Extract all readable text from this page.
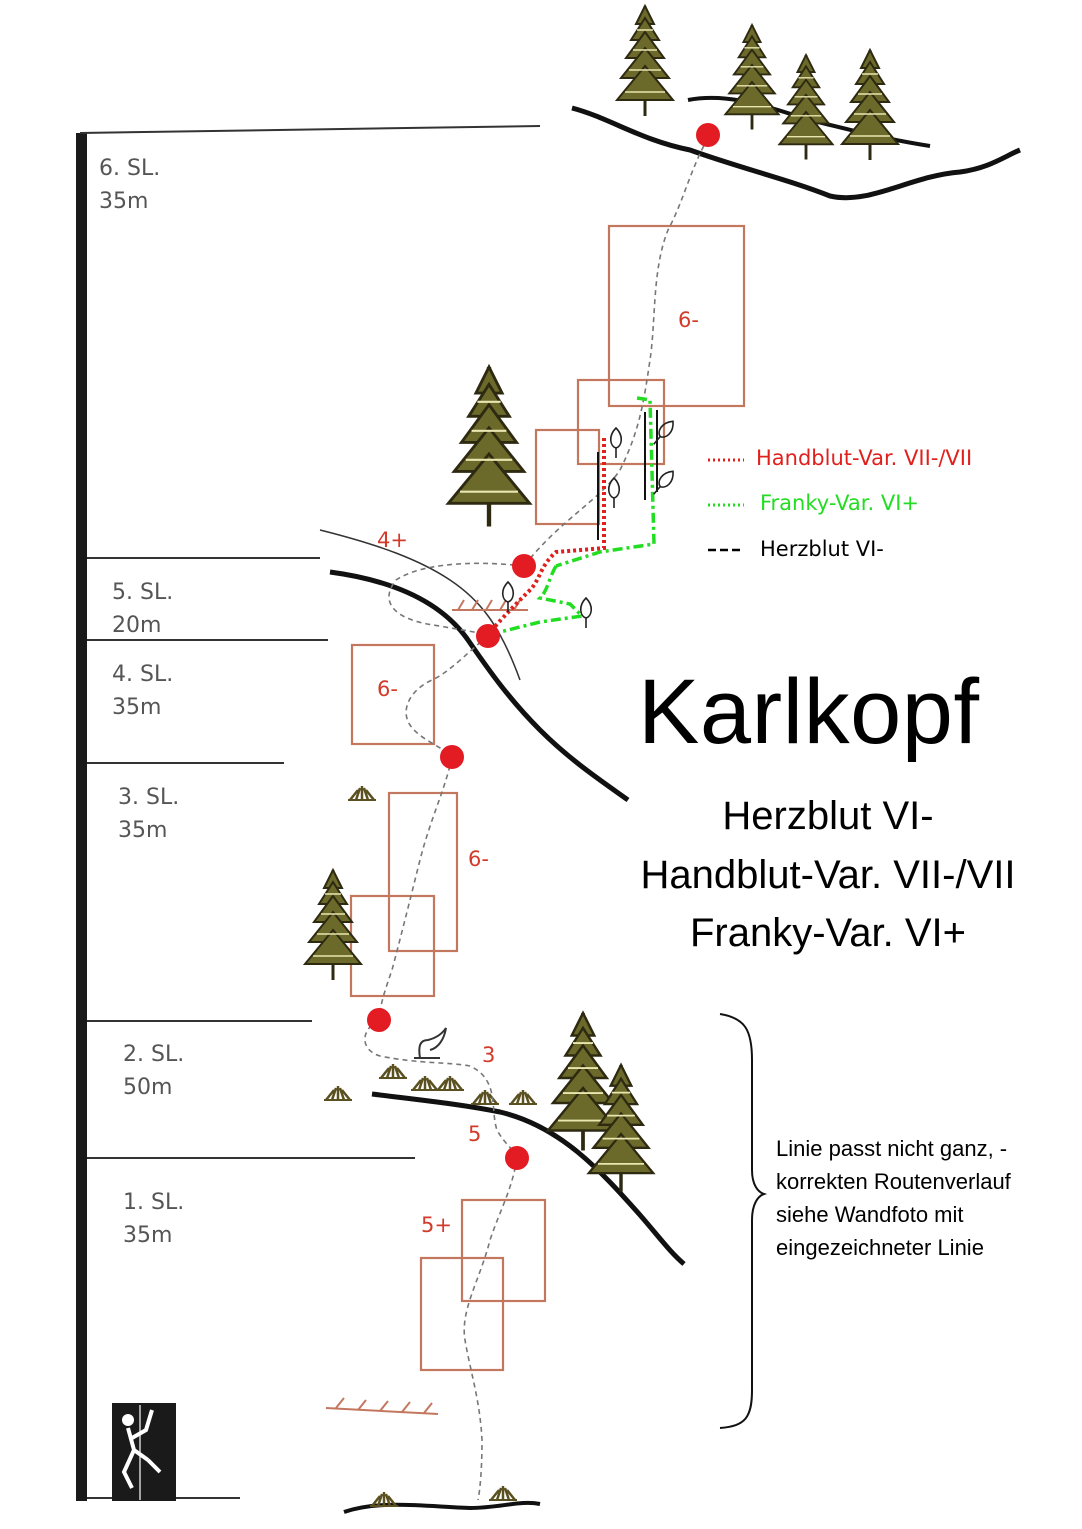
6. SL.
35m
5. SL.
20m
4. SL.
35m
3. SL.
35m
2. SL.
50m
1. SL.
35m
6-
4+
6-
6-
3
5
5+
Handblut-Var. VII-/VII
Franky-Var. VI+
Herzblut VI-
Karlkopf
Herzblut VI-
Handblut-Var. VII-/VII
Franky-Var. VI+
Linie passt nicht ganz, -
korrekten Routenverlauf
siehe Wandfoto mit
eingezeichneter Linie
